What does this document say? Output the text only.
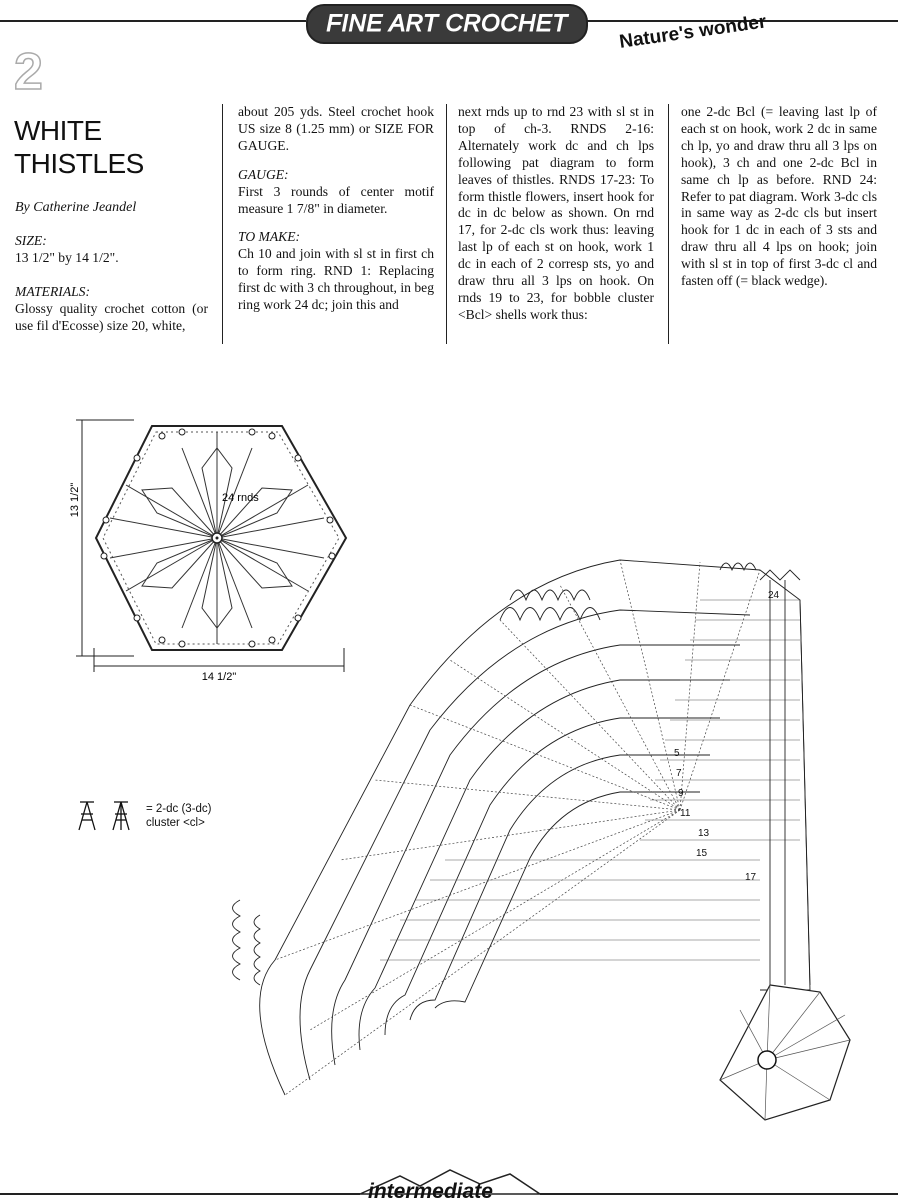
FINE ART CROCHET	Nature's wonder
2
WHITE
THISTLES
By Catherine Jeandel
SIZE:
13 1/2" by 14 1/2".
MATERIALS:
Glossy quality crochet cotton (or use fil d'Ecosse) size 20, white,
about 205 yds. Steel crochet hook US size 8 (1.25 mm) or SIZE FOR GAUGE.
GAUGE:
First 3 rounds of center motif measure 1 7/8" in diameter.
TO MAKE:
Ch 10 and join with sl st in first ch to form ring. RND 1: Replacing first dc with 3 ch throughout, in beg ring work 24 dc; join this and
next rnds up to rnd 23 with sl st in top of ch-3. RNDS 2-16: Alternately work dc and ch lps following pat diagram to form leaves of thistles. RNDS 17-23: To form thistle flowers, insert hook for dc in dc below as shown. On rnd 17, for 2-dc cls work thus: leaving last lp of each st on hook, work 1 dc in each of 2 corresp sts, yo and draw thru all 3 lps on hook. On rnds 19 to 23, for bobble cluster <Bcl> shells work thus:
one 2-dc Bcl (= leaving last lp of each st on hook, work 2 dc in same ch lp, yo and draw thru all 3 lps on hook), 3 ch and one 2-dc Bcl in same ch lp as before. RND 24: Refer to pat diagram. Work 3-dc cls in same way as 2-dc cls but insert hook for 1 dc in each of 3 sts and draw thru all 4 lps on hook; join with sl st in top of first 3-dc cl and fasten off (= black wedge).
13 1/2"
14 1/2"
24 rnds
= 2-dc (3-dc)
cluster <cl>
5
7
9
11
13
15
17
24
intermediate
